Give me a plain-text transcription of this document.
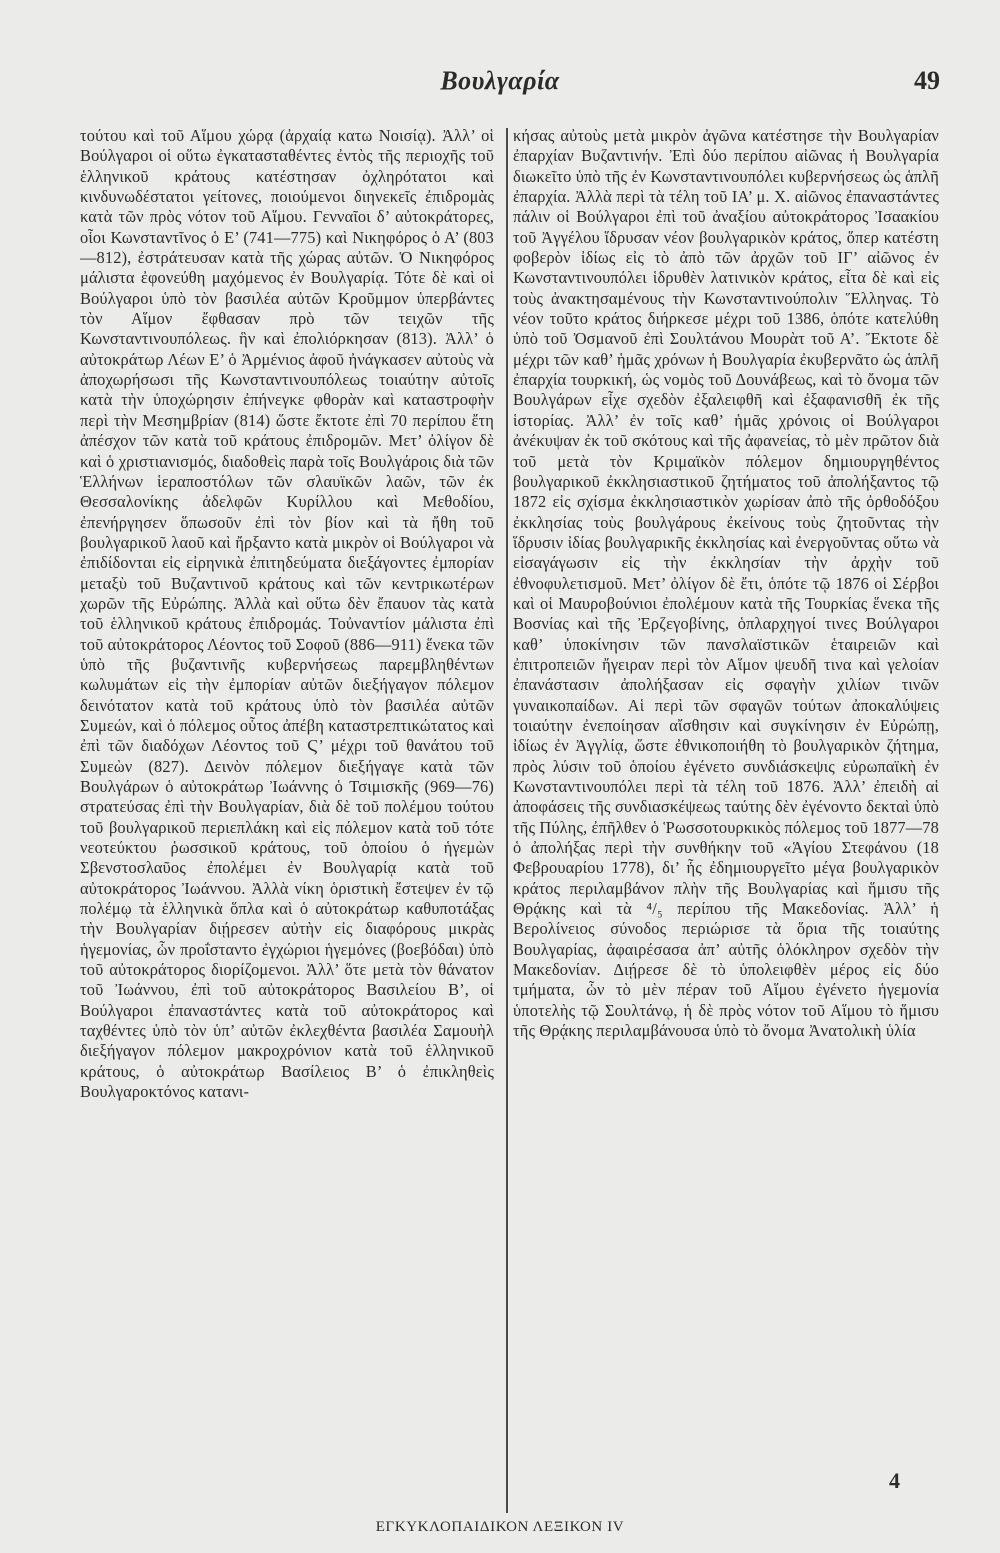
Βουλγαρία	49

τούτου καὶ τοῦ Αἵμου χώρᾳ (ἀρχαίᾳ κατω Νοισίᾳ). Ἀλλ’ οἱ Βούλγαροι οἱ οὕτω ἐγκατασταθέντες ἐντὸς τῆς περιοχῆς τοῦ ἑλληνικοῦ κράτους κατέστησαν ὀχληρότατοι καὶ κινδυνωδέστατοι γείτονες, ποιούμενοι διηνεκεῖς ἐπιδρομὰς κατὰ τῶν πρὸς νότον τοῦ Αἵμου. Γενναῖοι δ’ αὐτοκράτορες, οἷοι Κωνσταντῖνος ὁ Ε’ (741—775) καὶ Νικηφόρος ὁ Α’ (803—812), ἐστράτευσαν κατὰ τῆς χώρας αὐτῶν. Ὁ Νικηφόρος μάλιστα ἐφονεύθη μαχόμενος ἐν Βουλγαρίᾳ. Τότε δὲ καὶ οἱ Βούλγαροι ὑπὸ τὸν βασιλέα αὐτῶν Κροῦμμον ὑπερβάντες τὸν Αἵμον ἔφθασαν πρὸ τῶν τειχῶν τῆς Κωνσταντινουπόλεως. ἣν καὶ ἐπολιόρκησαν (813). Ἀλλ’ ὁ αὐτοκράτωρ Λέων Ε’ ὁ Ἀρμένιος ἀφοῦ ἠνάγκασεν αὐτοὺς νὰ ἀποχωρήσωσι τῆς Κωνσταντινουπόλεως τοιαύτην αὐτοῖς κατὰ τὴν ὑποχώρησιν ἐπήνεγκε φθορὰν καὶ καταστροφὴν περὶ τὴν Μεσημβρίαν (814) ὥστε ἔκτοτε ἐπὶ 70 περίπου ἔτη ἀπέσχον τῶν κατὰ τοῦ κράτους ἐπιδρομῶν. Μετ’ ὀλίγον δὲ καὶ ὁ χριστιανισμός, διαδοθεὶς παρὰ τοῖς Βουλγάροις διὰ τῶν Ἑλλήνων ἱεραποστόλων τῶν σλαυϊκῶν λαῶν, τῶν ἐκ Θεσσαλονίκης ἀδελφῶν Κυρίλλου καὶ Μεθοδίου, ἐπενήργησεν ὅπωσοῦν ἐπὶ τὸν βίον καὶ τὰ ἤθη τοῦ βουλγαρικοῦ λαοῦ καὶ ἤρξαντο κατὰ μικρὸν οἱ Βούλγαροι νὰ ἐπιδίδονται εἰς εἰρηνικὰ ἐπιτηδεύματα διεξάγοντες ἐμπορίαν μεταξὺ τοῦ Βυζαντινοῦ κράτους καὶ τῶν κεντρικωτέρων χωρῶν τῆς Εὐρώπης. Ἀλλὰ καὶ οὕτω δὲν ἔπαυον τὰς κατὰ τοῦ ἑλληνικοῦ κράτους ἐπιδρομάς. Τοὐναντίον μάλιστα ἐπὶ τοῦ αὐτοκράτορος Λέοντος τοῦ Σοφοῦ (886—911) ἕνεκα τῶν ὑπὸ τῆς βυζαντινῆς κυβερνήσεως παρεμβληθέντων κωλυμάτων εἰς τὴν ἐμπορίαν αὐτῶν διεξήγαγον πόλεμον δεινότατον κατὰ τοῦ κράτους ὑπὸ τὸν βασιλέα αὐτῶν Συμεών, καὶ ὁ πόλεμος οὗτος ἀπέβη καταστρεπτικώτατος καὶ ἐπὶ τῶν διαδόχων Λέοντος τοῦ Ϛ’ μέχρι τοῦ θανάτου τοῦ Συμεὼν (827). Δεινὸν πόλεμον διεξήγαγε κατὰ τῶν Βουλγάρων ὁ αὐτοκράτωρ Ἰωάννης ὁ Τσιμισκῆς (969—76) στρατεύσας ἐπὶ τὴν Βουλγαρίαν, διὰ δὲ τοῦ πολέμου τούτου τοῦ βουλγαρικοῦ περιεπλάκη καὶ εἰς πόλεμον κατὰ τοῦ τότε νεοτεύκτου ῥωσσικοῦ κράτους, τοῦ ὁποίου ὁ ἡγεμὼν Σβενστοσλαῦος ἐπολέμει ἐν Βουλγαρίᾳ κατὰ τοῦ αὐτοκράτορος Ἰωάννου. Ἀλλὰ νίκη ὁριστικὴ ἔστεψεν ἐν τῷ πολέμῳ τὰ ἑλληνικὰ ὅπλα καὶ ὁ αὐτοκράτωρ καθυποτάξας τὴν Βουλγαρίαν διῄρεσεν αὐτὴν εἰς διαφόρους μικρὰς ἡγεμονίας, ὧν προΐσταντο ἐγχώριοι ἡγεμόνες (βοεβόδαι) ὑπὸ τοῦ αὐτοκράτορος διορίζομενοι. Ἀλλ’ ὅτε μετὰ τὸν θάνατον τοῦ Ἰωάννου, ἐπὶ τοῦ αὐτοκράτορος Βασιλείου Β’, οἱ Βούλγαροι ἐπαναστάντες κατὰ τοῦ αὐτοκράτορος καὶ ταχθέντες ὑπὸ τὸν ὑπ’ αὐτῶν ἐκλεχθέντα βασιλέα Σαμουὴλ διεξήγαγον πόλεμον μακροχρόνιον κατὰ τοῦ ἑλληνικοῦ κράτους, ὁ αὐτοκράτωρ Βασίλειος Β’ ὁ ἐπικληθεὶς Βουλγαροκτόνος κατανι-

κήσας αὐτοὺς μετὰ μικρὸν ἀγῶνα κατέστησε τὴν Βουλγαρίαν ἐπαρχίαν Βυζαντινήν. Ἐπὶ δύο περίπου αἰῶνας ἡ Βουλγαρία διωκεῖτο ὑπὸ τῆς ἐν Κωνσταντινουπόλει κυβερνήσεως ὡς ἁπλῆ ἐπαρχία. Ἀλλὰ περὶ τὰ τέλη τοῦ ΙΑ’ μ. Χ. αἰῶνος ἐπαναστάντες πάλιν οἱ Βούλγαροι ἐπὶ τοῦ ἀναξίου αὐτοκράτορος Ἰσαακίου τοῦ Ἀγγέλου ἵδρυσαν νέον βουλγαρικὸν κράτος, ὅπερ κατέστη φοβερὸν ἰδίως εἰς τὸ ἀπὸ τῶν ἀρχῶν τοῦ ΙΓ’ αἰῶνος ἐν Κωνσταντινουπόλει ἱδρυθὲν λατινικὸν κράτος, εἶτα δὲ καὶ εἰς τοὺς ἀνακτησαμένους τὴν Κωνσταντινούπολιν Ἕλληνας. Τὸ νέον τοῦτο κράτος διήρκεσε μέχρι τοῦ 1386, ὁπότε κατελύθη ὑπὸ τοῦ Ὀσμανοῦ ἐπὶ Σουλτάνου Μουρὰτ τοῦ Α’. Ἔκτοτε δὲ μέχρι τῶν καθ’ ἡμᾶς χρόνων ἡ Βουλγαρία ἐκυβερνᾶτο ὡς ἁπλῆ ἐπαρχία τουρκική, ὡς νομὸς τοῦ Δουνάβεως, καὶ τὸ ὄνομα τῶν Βουλγάρων εἶχε σχεδὸν ἐξαλειφθῆ καὶ ἐξαφανισθῆ ἐκ τῆς ἱστορίας. Ἀλλ’ ἐν τοῖς καθ’ ἡμᾶς χρόνοις οἱ Βούλγαροι ἀνέκυψαν ἐκ τοῦ σκότους καὶ τῆς ἀφανείας, τὸ μὲν πρῶτον διὰ τοῦ μετὰ τὸν Κριμαϊκὸν πόλεμον δημιουργηθέντος βουλγαρικοῦ ἐκκλησιαστικοῦ ζητήματος τοῦ ἀπολήξαντος τῷ 1872 εἰς σχίσμα ἐκκλησιαστικὸν χωρίσαν ἀπὸ τῆς ὀρθοδόξου ἐκκλησίας τοὺς βουλγάρους ἐκείνους τοὺς ζητοῦντας τὴν ἵδρυσιν ἰδίας βουλγαρικῆς ἐκκλησίας καὶ ἐνεργοῦντας οὕτω νὰ εἰσαγάγωσιν εἰς τὴν ἐκκλησίαν τὴν ἀρχὴν τοῦ ἐθνοφυλετισμοῦ. Μετ’ ὀλίγον δὲ ἔτι, ὁπότε τῷ 1876 οἱ Σέρβοι καὶ οἱ Μαυροβούνιοι ἐπολέμουν κατὰ τῆς Τουρκίας ἕνεκα τῆς Βοσνίας καὶ τῆς Ἐρζεγοβίνης, ὁπλαρχηγοί τινες Βούλγαροι καθ’ ὑποκίνησιν τῶν πανσλαϊστικῶν ἑταιρειῶν καὶ ἐπιτροπειῶν ἤγειραν περὶ τὸν Αἵμον ψευδῆ τινα καὶ γελοίαν ἐπανάστασιν ἀπολήξασαν εἰς σφαγὴν χιλίων τινῶν γυναικοπαίδων. Αἱ περὶ τῶν σφαγῶν τούτων ἀποκαλύψεις τοιαύτην ἐνεποίησαν αἴσθησιν καὶ συγκίνησιν ἐν Εὐρώπῃ, ἰδίως ἐν Ἀγγλίᾳ, ὥστε ἐθνικοποιήθη τὸ βουλγαρικὸν ζήτημα, πρὸς λύσιν τοῦ ὁποίου ἐγένετο συνδιάσκεψις εὐρωπαϊκὴ ἐν Κωνσταντινουπόλει περὶ τὰ τέλη τοῦ 1876. Ἀλλ’ ἐπειδὴ αἱ ἀποφάσεις τῆς συνδιασκέψεως ταύτης δὲν ἐγένοντο δεκταὶ ὑπὸ τῆς Πύλης, ἐπῆλθεν ὁ Ῥωσσοτουρκικὸς πόλεμος τοῦ 1877—78 ὁ ἀπολήξας περὶ τὴν συνθήκην τοῦ «Ἁγίου Στεφάνου (18 Φεβρουαρίου 1778), δι’ ἧς ἐδημιουργεῖτο μέγα βουλγαρικὸν κράτος περιλαμβάνον πλὴν τῆς Βουλγαρίας καὶ ἥμισυ τῆς Θρᾴκης καὶ τὰ ⁴/₅ περίπου τῆς Μακεδονίας. Ἀλλ’ ἡ Βερολίνειος σύνοδος περιώρισε τὰ ὅρια τῆς τοιαύτης Βουλγαρίας, ἀφαιρέσασα ἀπ’ αὐτῆς ὁλόκληρον σχεδὸν τὴν Μακεδονίαν. Διῄρεσε δὲ τὸ ὑπολειφθὲν μέρος εἰς δύο τμήματα, ὧν τὸ μὲν πέραν τοῦ Αἵμου ἐγένετο ἡγεμονία ὑποτελὴς τῷ Σουλτάνῳ, ἡ δὲ πρὸς νότον τοῦ Αἵμου τὸ ἥμισυ τῆς Θρᾴκης περιλαμβάνουσα ὑπὸ τὸ ὄνομα Ἀνατολικὴ ὑλία

4
ΕΓΚΥΚΛΟΠΑΙΔΙΚΟΝ ΛΕΞΙΚΟΝ IV
